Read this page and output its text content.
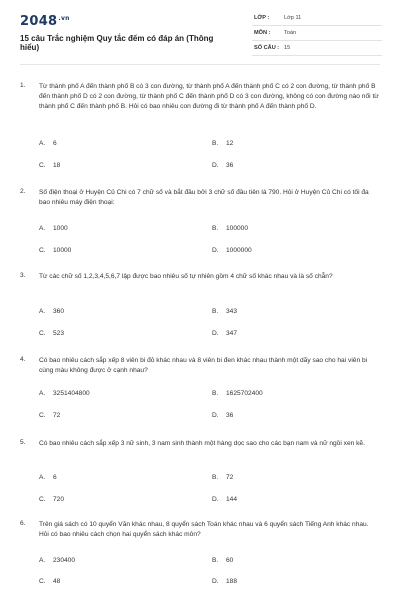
$2048^{.vn}$
15 câu Trắc nghiệm Quy tắc đếm có đáp án (Thông hiểu)
LỚP :	Lớp 11
MÔN : Toán
SỐ CÂU : 15
1. Từ thành phố A đến thành phố B có 3 con đường, từ thành phố A đến thành phố C có 2 con đường, từ thành phố B đến thành phố D có 2 con đường, từ thành phố C đến thành phố D có 3 con đường, không có con đường nào nối từ thành phố C đến thành phố B. Hỏi có bao nhiêu con đường đi từ thành phố A đến thành phố D.
A. 6	B. 12
C. 18	D. 36
2. Số điện thoại ở Huyện Củ Chi có 7 chữ số và bắt đầu bởi 3 chữ số đầu tiên là 790. Hỏi ở Huyện Củ Chi có tối đa bao nhiêu máy điện thoại:
A. 1000	B. 100000
C. 10000	D. 1000000
3. Từ các chữ số 1,2,3,4,5,6,7 lập được bao nhiêu số tự nhiên gồm 4 chữ số khác nhau và là số chẵn?
A. 360	B. 343
C. 523	D. 347
4. Có bao nhiêu cách sắp xếp 8 viên bi đỏ khác nhau và 8 viên bi đen khác nhau thành một dãy sao cho hai viên bi cùng màu không được ở cạnh nhau?
A. 3251404800	B. 1625702400
C. 72	D. 36
5. Có bao nhiêu cách sắp xếp 3 nữ sinh, 3 nam sinh thành một hàng dọc sao cho các bạn nam và nữ ngồi xen kẽ.
A. 6	B. 72
C. 720	D. 144
6. Trên giá sách có 10 quyển Văn khác nhau, 8 quyển sách Toán khác nhau và 6 quyển sách Tiếng Anh khác nhau. Hỏi có bao nhiêu cách chọn hai quyển sách khác môn?
A. 230400	B. 60
C. 48	D. 188
